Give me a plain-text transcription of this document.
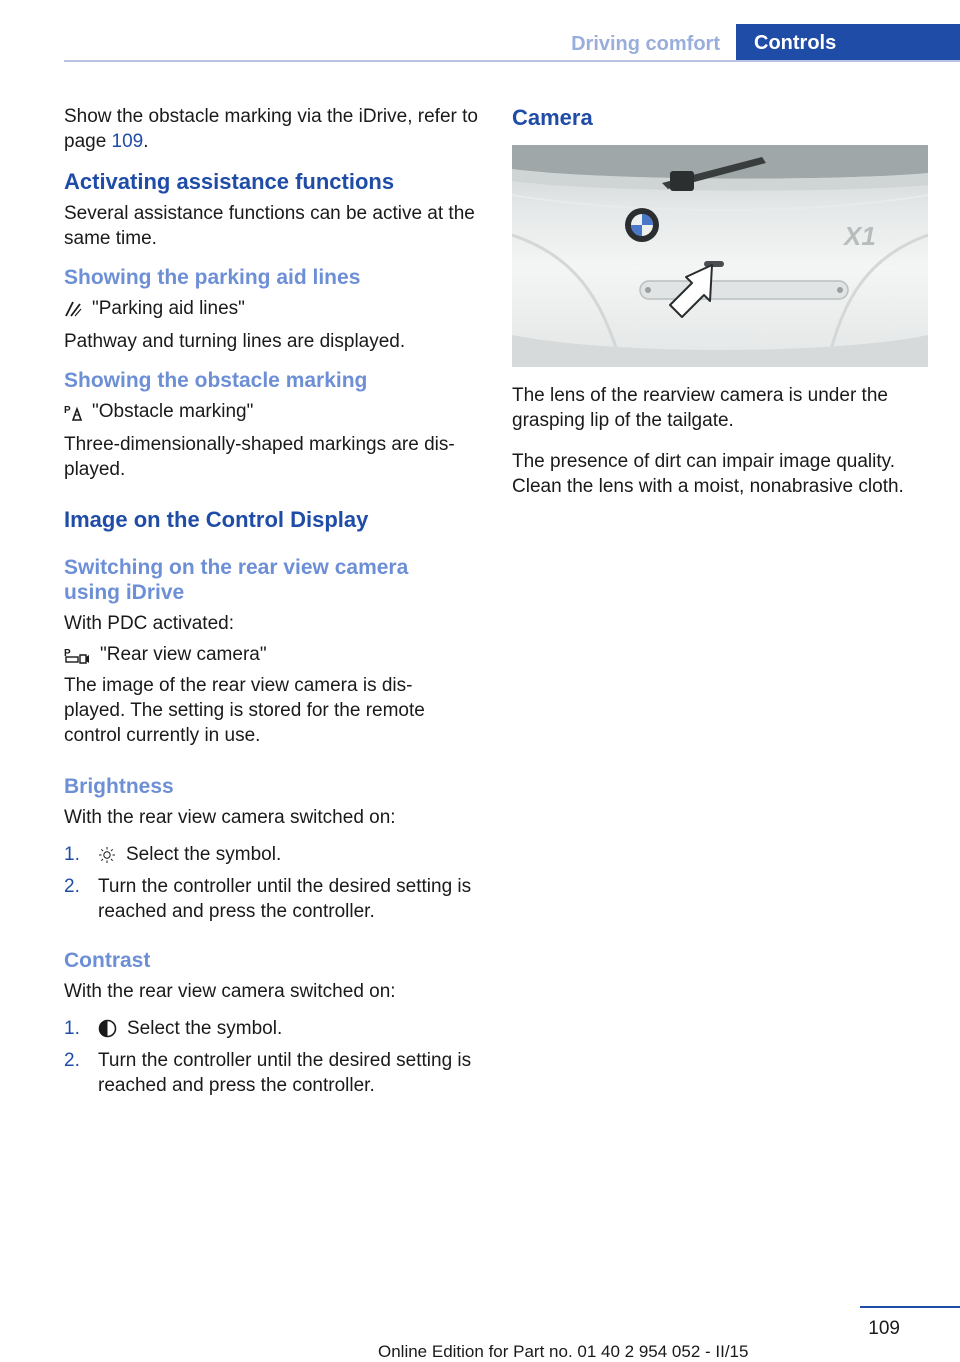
Driving comfort	Controls

Show the obstacle marking via the iDrive, refer to page 109.

Activating assistance functions

Several assistance functions can be active at the same time.

Showing the parking aid lines
"Parking aid lines"

Pathway and turning lines are displayed.

Showing the obstacle marking
P "Obstacle marking"

Three-dimensionally-shaped markings are dis‐
played.

Image on the Control Display
Switching on the rear view camera
using iDrive

With PDC activated:

P "Rear view camera"

The image of the rear view camera is dis‐
played. The setting is stored for the remote
control currently in use.

Brightness

With the rear view camera switched on:

1.	Select the symbol.
2. Turn the controller until the desired setting is reached and press the controller.
Contrast

With the rear view camera switched on:

1.	Select the symbol.
2. Turn the controller until the desired setting is reached and press the controller.
Camera
X1

The lens of the rearview camera is under the grasping lip of the tailgate.

The presence of dirt can impair image quality. Clean the lens with a moist, nonabrasive cloth.

109
Online Edition for Part no. 01 40 2 954 052 - II/15
